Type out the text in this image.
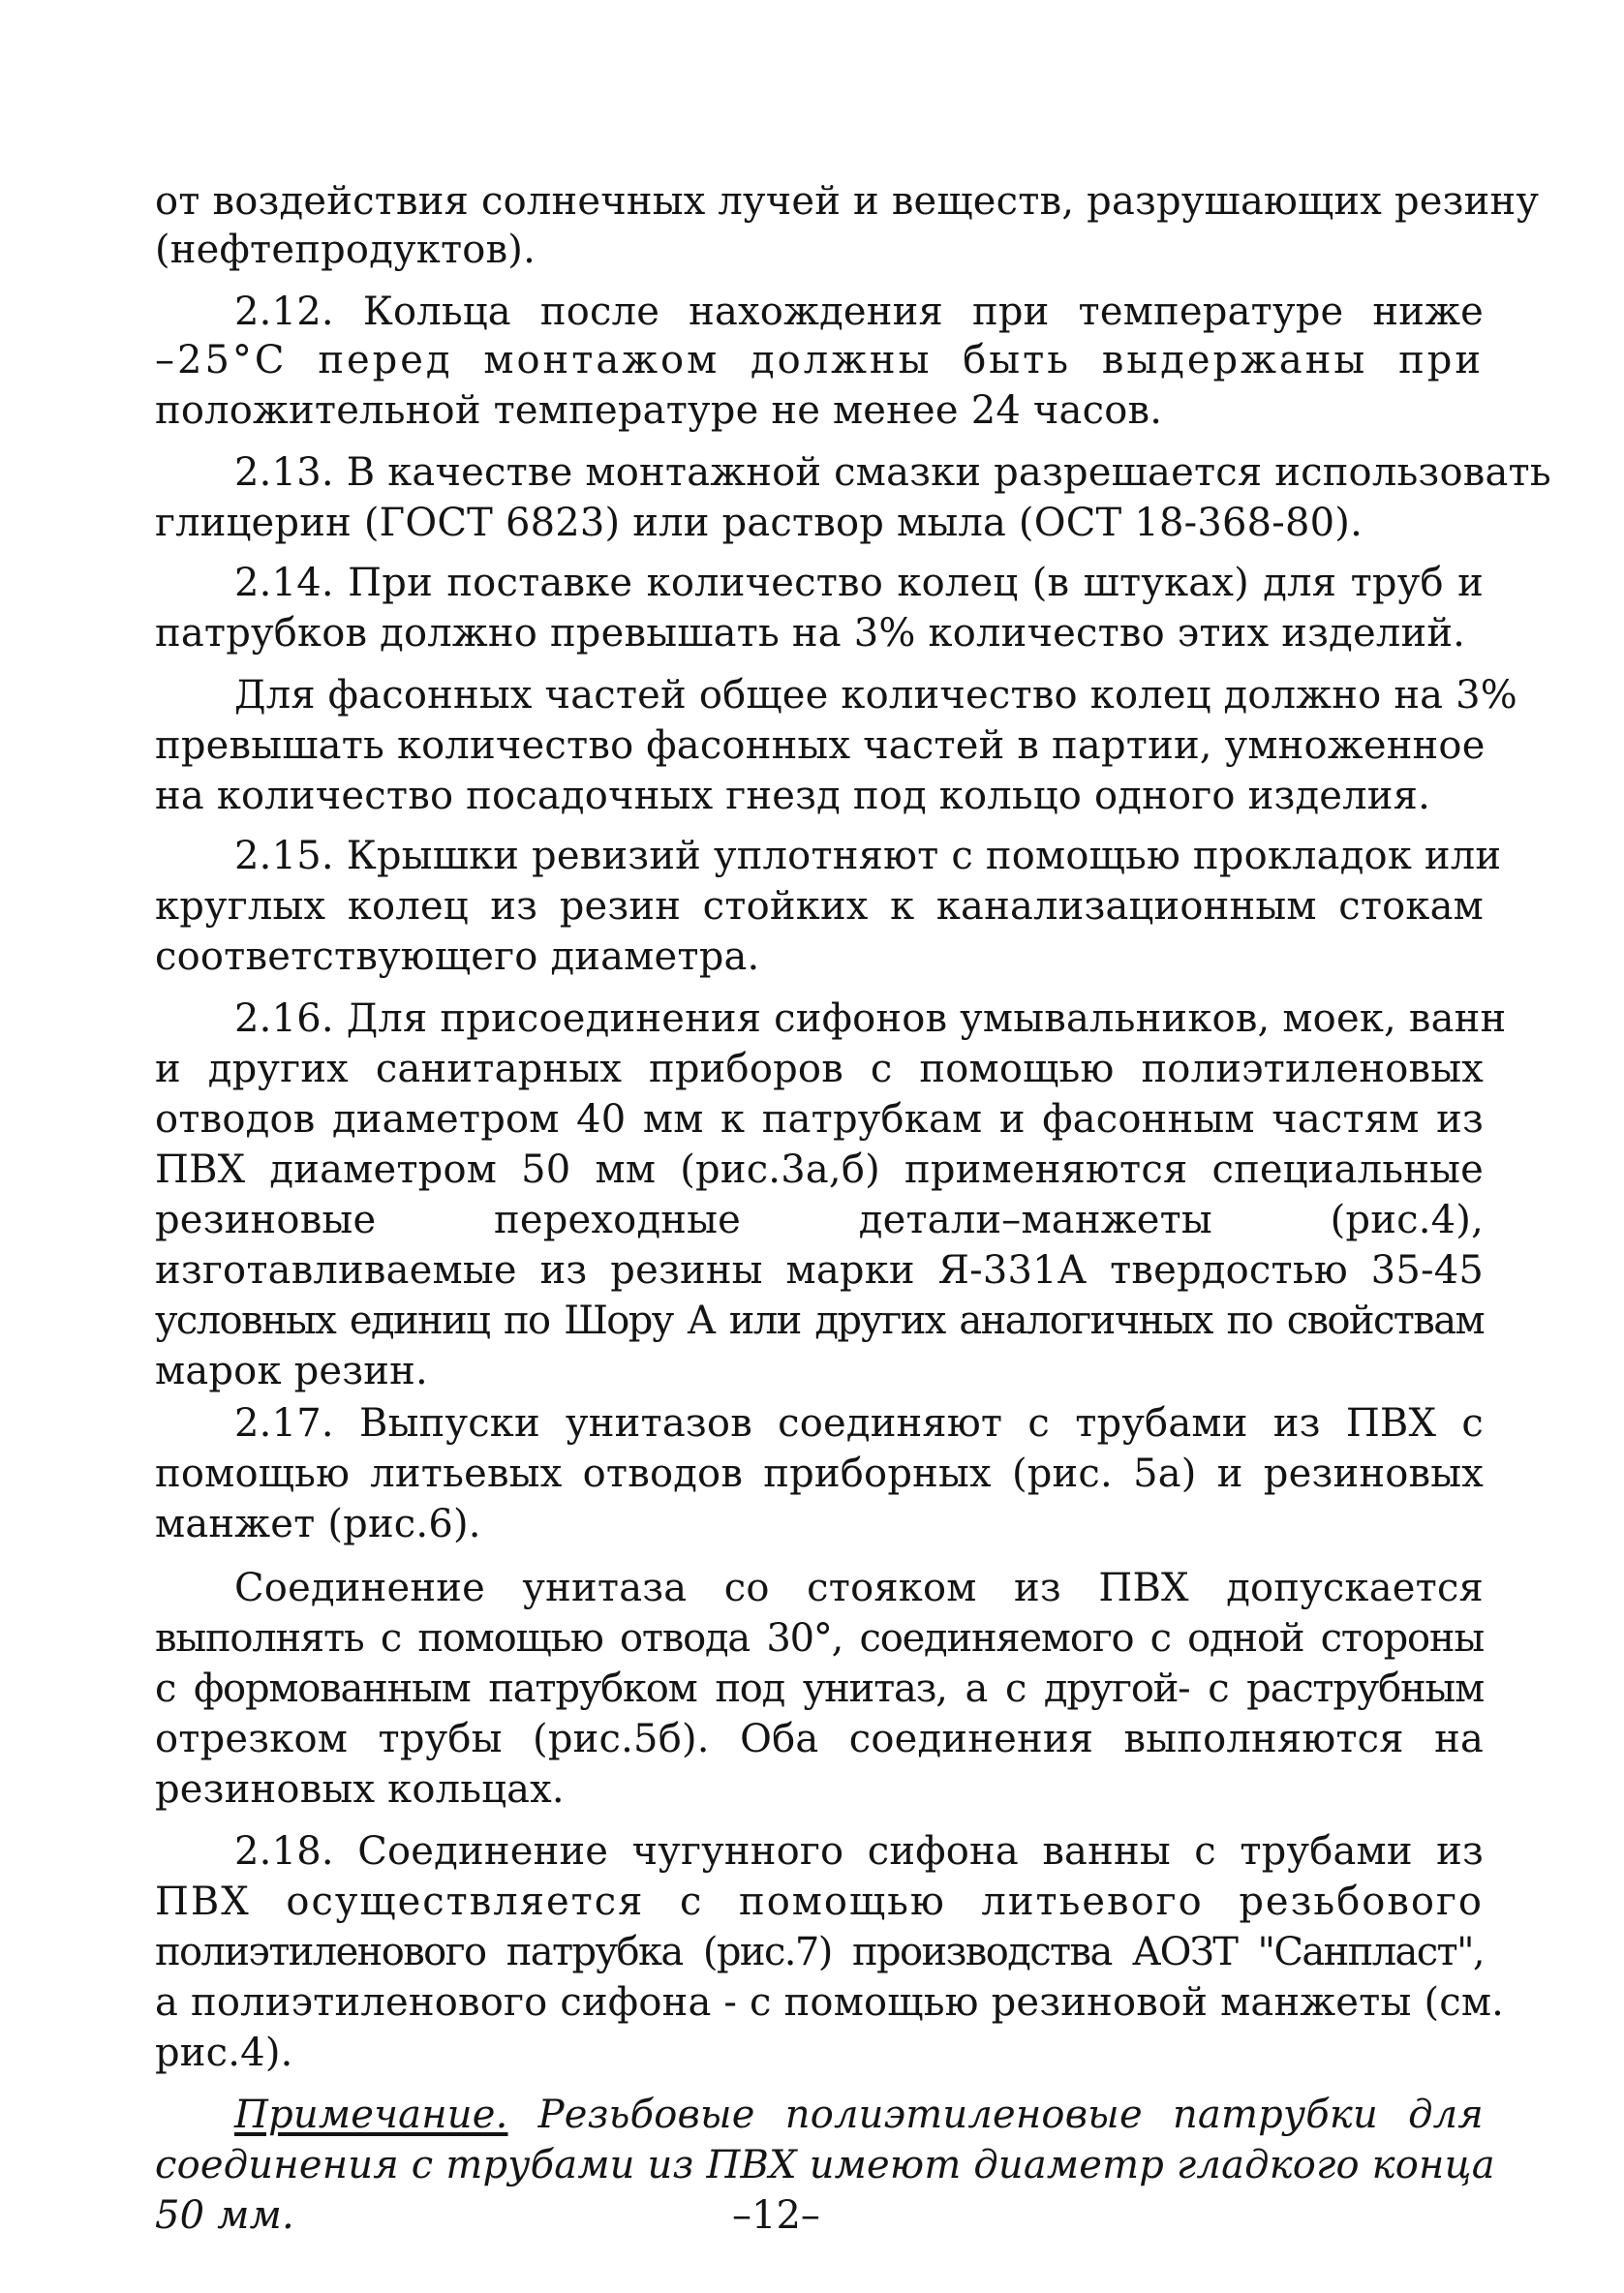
от воздействия солнечных лучей и веществ, разрушающих резину
(нефтепродуктов).
2.12. Кольца после нахождения при температуре ниже
–25°С перед монтажом должны быть выдержаны при
положительной температуре не менее 24 часов.
2.13. В качестве монтажной смазки разрешается использовать
глицерин (ГОСТ 6823) или раствор мыла (ОСТ 18-368-80).
2.14. При поставке количество колец (в штуках) для труб и
патрубков должно превышать на 3% количество этих изделий.
Для фасонных частей общее количество колец должно на 3%
превышать количество фасонных частей в партии, умноженное
на количество посадочных гнезд под кольцо одного изделия.
2.15. Крышки ревизий уплотняют с помощью прокладок или
круглых колец из резин стойких к канализационным стокам
соответствующего диаметра.
2.16. Для присоединения сифонов умывальников, моек, ванн
и других санитарных приборов с помощью полиэтиленовых
отводов диаметром 40 мм к патрубкам и фасонным частям из
ПВХ диаметром 50 мм (рис.3а,б) применяются специальные
резиновые переходные детали–манжеты (рис.4),
изготавливаемые из резины марки Я-331А твердостью 35-45
условных единиц по Шору А или других аналогичных по свойствам
марок резин.
2.17. Выпуски унитазов соединяют с трубами из ПВХ с
помощью литьевых отводов приборных (рис. 5а) и резиновых
манжет (рис.6).
Соединение унитаза со стояком из ПВХ допускается
выполнять с помощью отвода 30°, соединяемого с одной стороны
с формованным патрубком под унитаз, а с другой- с раструбным
отрезком трубы (рис.5б). Оба соединения выполняются на
резиновых кольцах.
2.18. Соединение чугунного сифона ванны с трубами из
ПВХ осуществляется с помощью литьевого резьбового
полиэтиленового патрубка (рис.7) производства АОЗТ "Санпласт",
а полиэтиленового сифона - с помощью резиновой манжеты (см.
рис.4).
Примечание. Резьбовые полиэтиленовые патрубки для
соединения с трубами из ПВХ имеют диаметр гладкого конца
50 мм.	–12–
